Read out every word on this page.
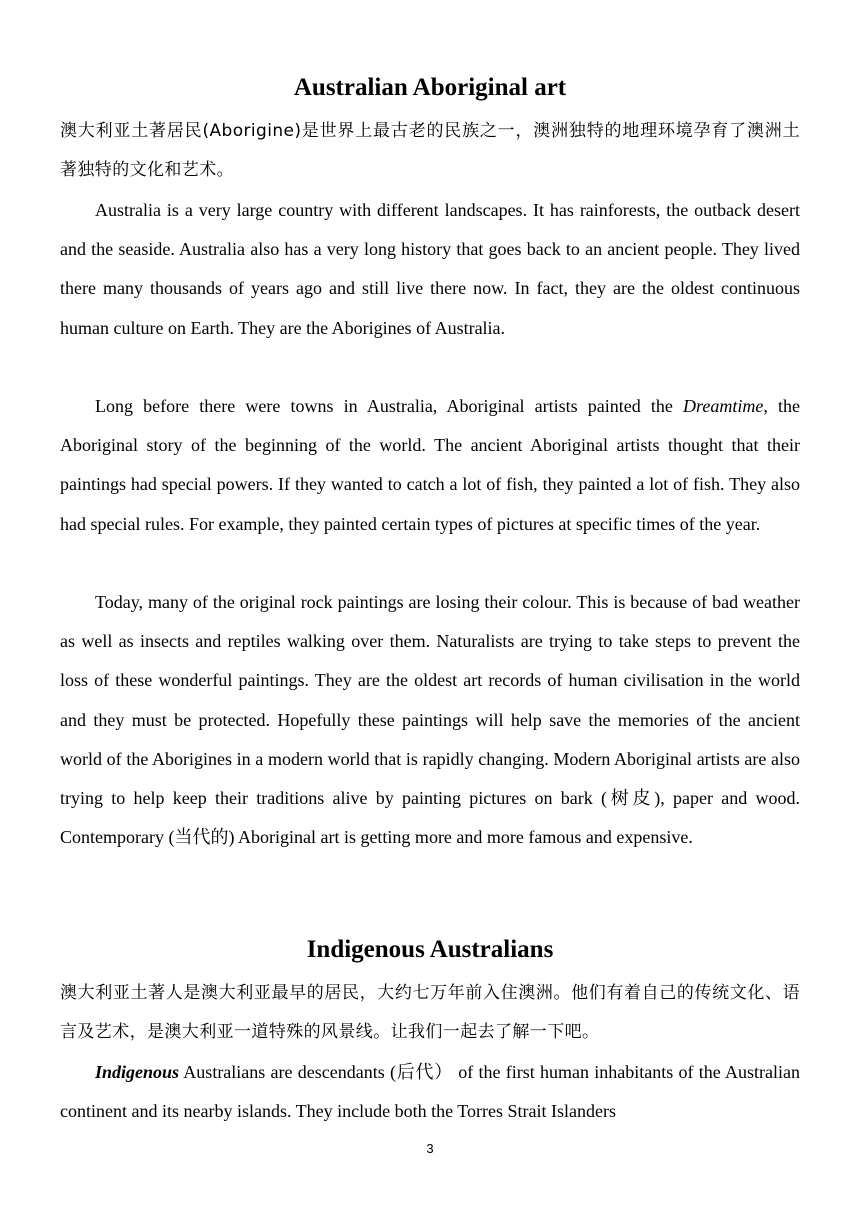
Australian Aboriginal art

澳大利亚土著居民(Aborigine)是世界上最古老的民族之一，澳洲独特的地理环境孕育了澳洲土著独特的文化和艺术。

Australia is a very large country with different landscapes. It has rainforests, the outback desert and the seaside. Australia also has a very long history that goes back to an ancient people. They lived there many thousands of years ago and still live there now. In fact, they are the oldest continuous human culture on Earth. They are the Aborigines of Australia.

Long before there were towns in Australia, Aboriginal artists painted the Dreamtime, the Aboriginal story of the beginning of the world. The ancient Aboriginal artists thought that their paintings had special powers. If they wanted to catch a lot of fish, they painted a lot of fish. They also had special rules. For example, they painted certain types of pictures at specific times of the year.

Today, many of the original rock paintings are losing their colour. This is because of bad weather as well as insects and reptiles walking over them. Naturalists are trying to take steps to prevent the loss of these wonderful paintings. They are the oldest art records of human civilisation in the world and they must be protected. Hopefully these paintings will help save the memories of the ancient world of the Aborigines in a modern world that is rapidly changing. Modern Aboriginal artists are also trying to help keep their traditions alive by painting pictures on bark (树皮), paper and wood. Contemporary (当代的) Aboriginal art is getting more and more famous and expensive.

Indigenous Australians

澳大利亚土著人是澳大利亚最早的居民，大约七万年前入住澳洲。他们有着自己的传统文化、语言及艺术，是澳大利亚一道特殊的风景线。让我们一起去了解一下吧。

Indigenous Australians are descendants (后代） of the first human inhabitants of the Australian continent and its nearby islands. They include both the Torres Strait Islanders

3
